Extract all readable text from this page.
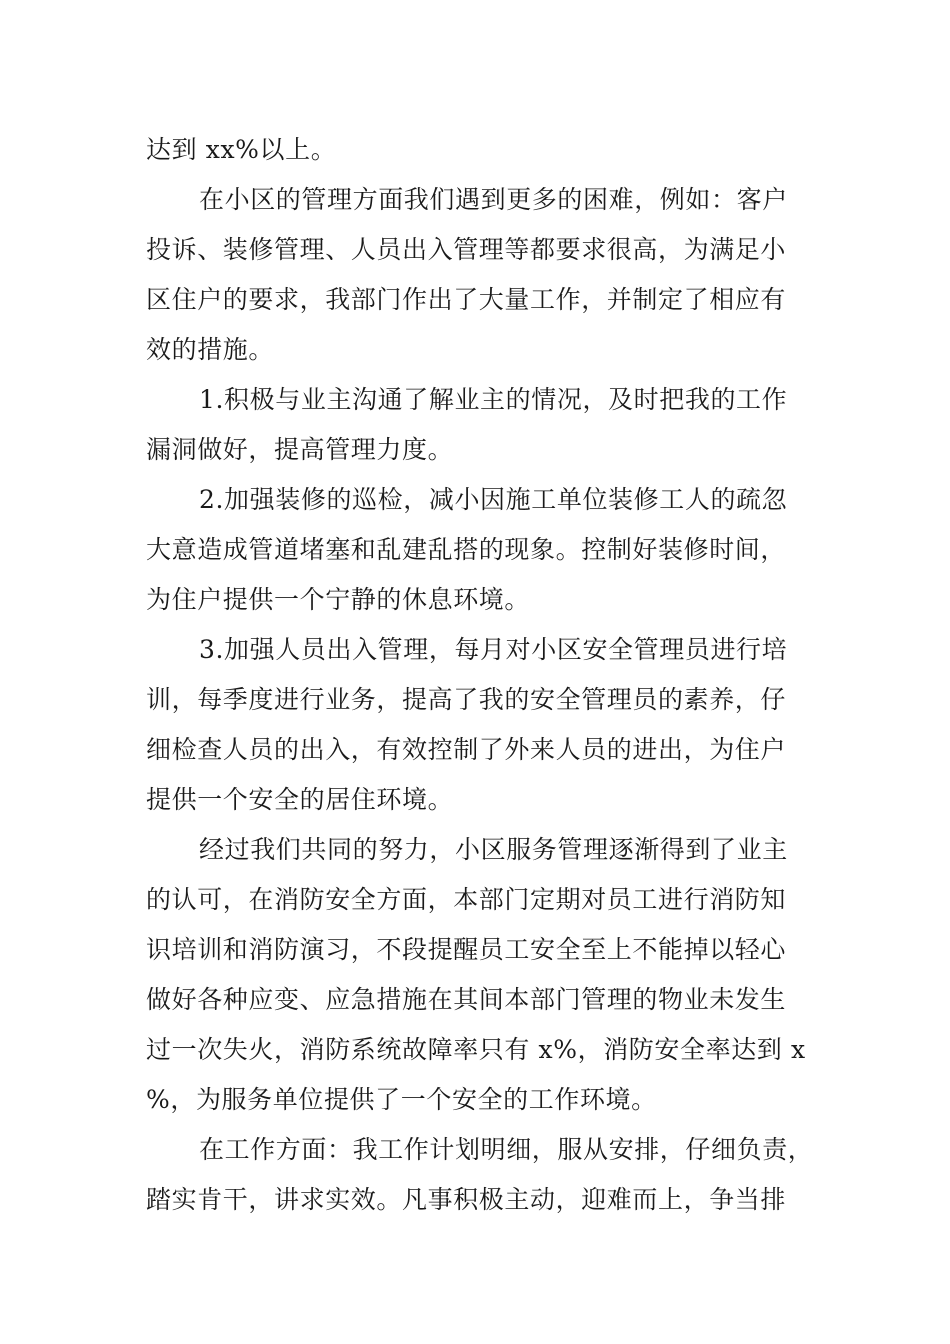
达到 xx%以上。
在小区的管理方面我们遇到更多的困难，例如：客户
投诉、装修管理、人员出入管理等都要求很高，为满足小
区住户的要求，我部门作出了大量工作，并制定了相应有
效的措施。
1.积极与业主沟通了解业主的情况，及时把我的工作
漏洞做好，提高管理力度。
2.加强装修的巡检，减小因施工单位装修工人的疏忽
大意造成管道堵塞和乱建乱搭的现象。控制好装修时间，
为住户提供一个宁静的休息环境。
3.加强人员出入管理，每月对小区安全管理员进行培
训，每季度进行业务，提高了我的安全管理员的素养，仔
细检查人员的出入，有效控制了外来人员的进出，为住户
提供一个安全的居住环境。
经过我们共同的努力，小区服务管理逐渐得到了业主
的认可，在消防安全方面，本部门定期对员工进行消防知
识培训和消防演习，不段提醒员工安全至上不能掉以轻心
做好各种应变、应急措施在其间本部门管理的物业未发生
过一次失火，消防系统故障率只有 x%，消防安全率达到 x
%，为服务单位提供了一个安全的工作环境。
在工作方面：我工作计划明细，服从安排，仔细负责，
踏实肯干，讲求实效。凡事积极主动，迎难而上，争当排
